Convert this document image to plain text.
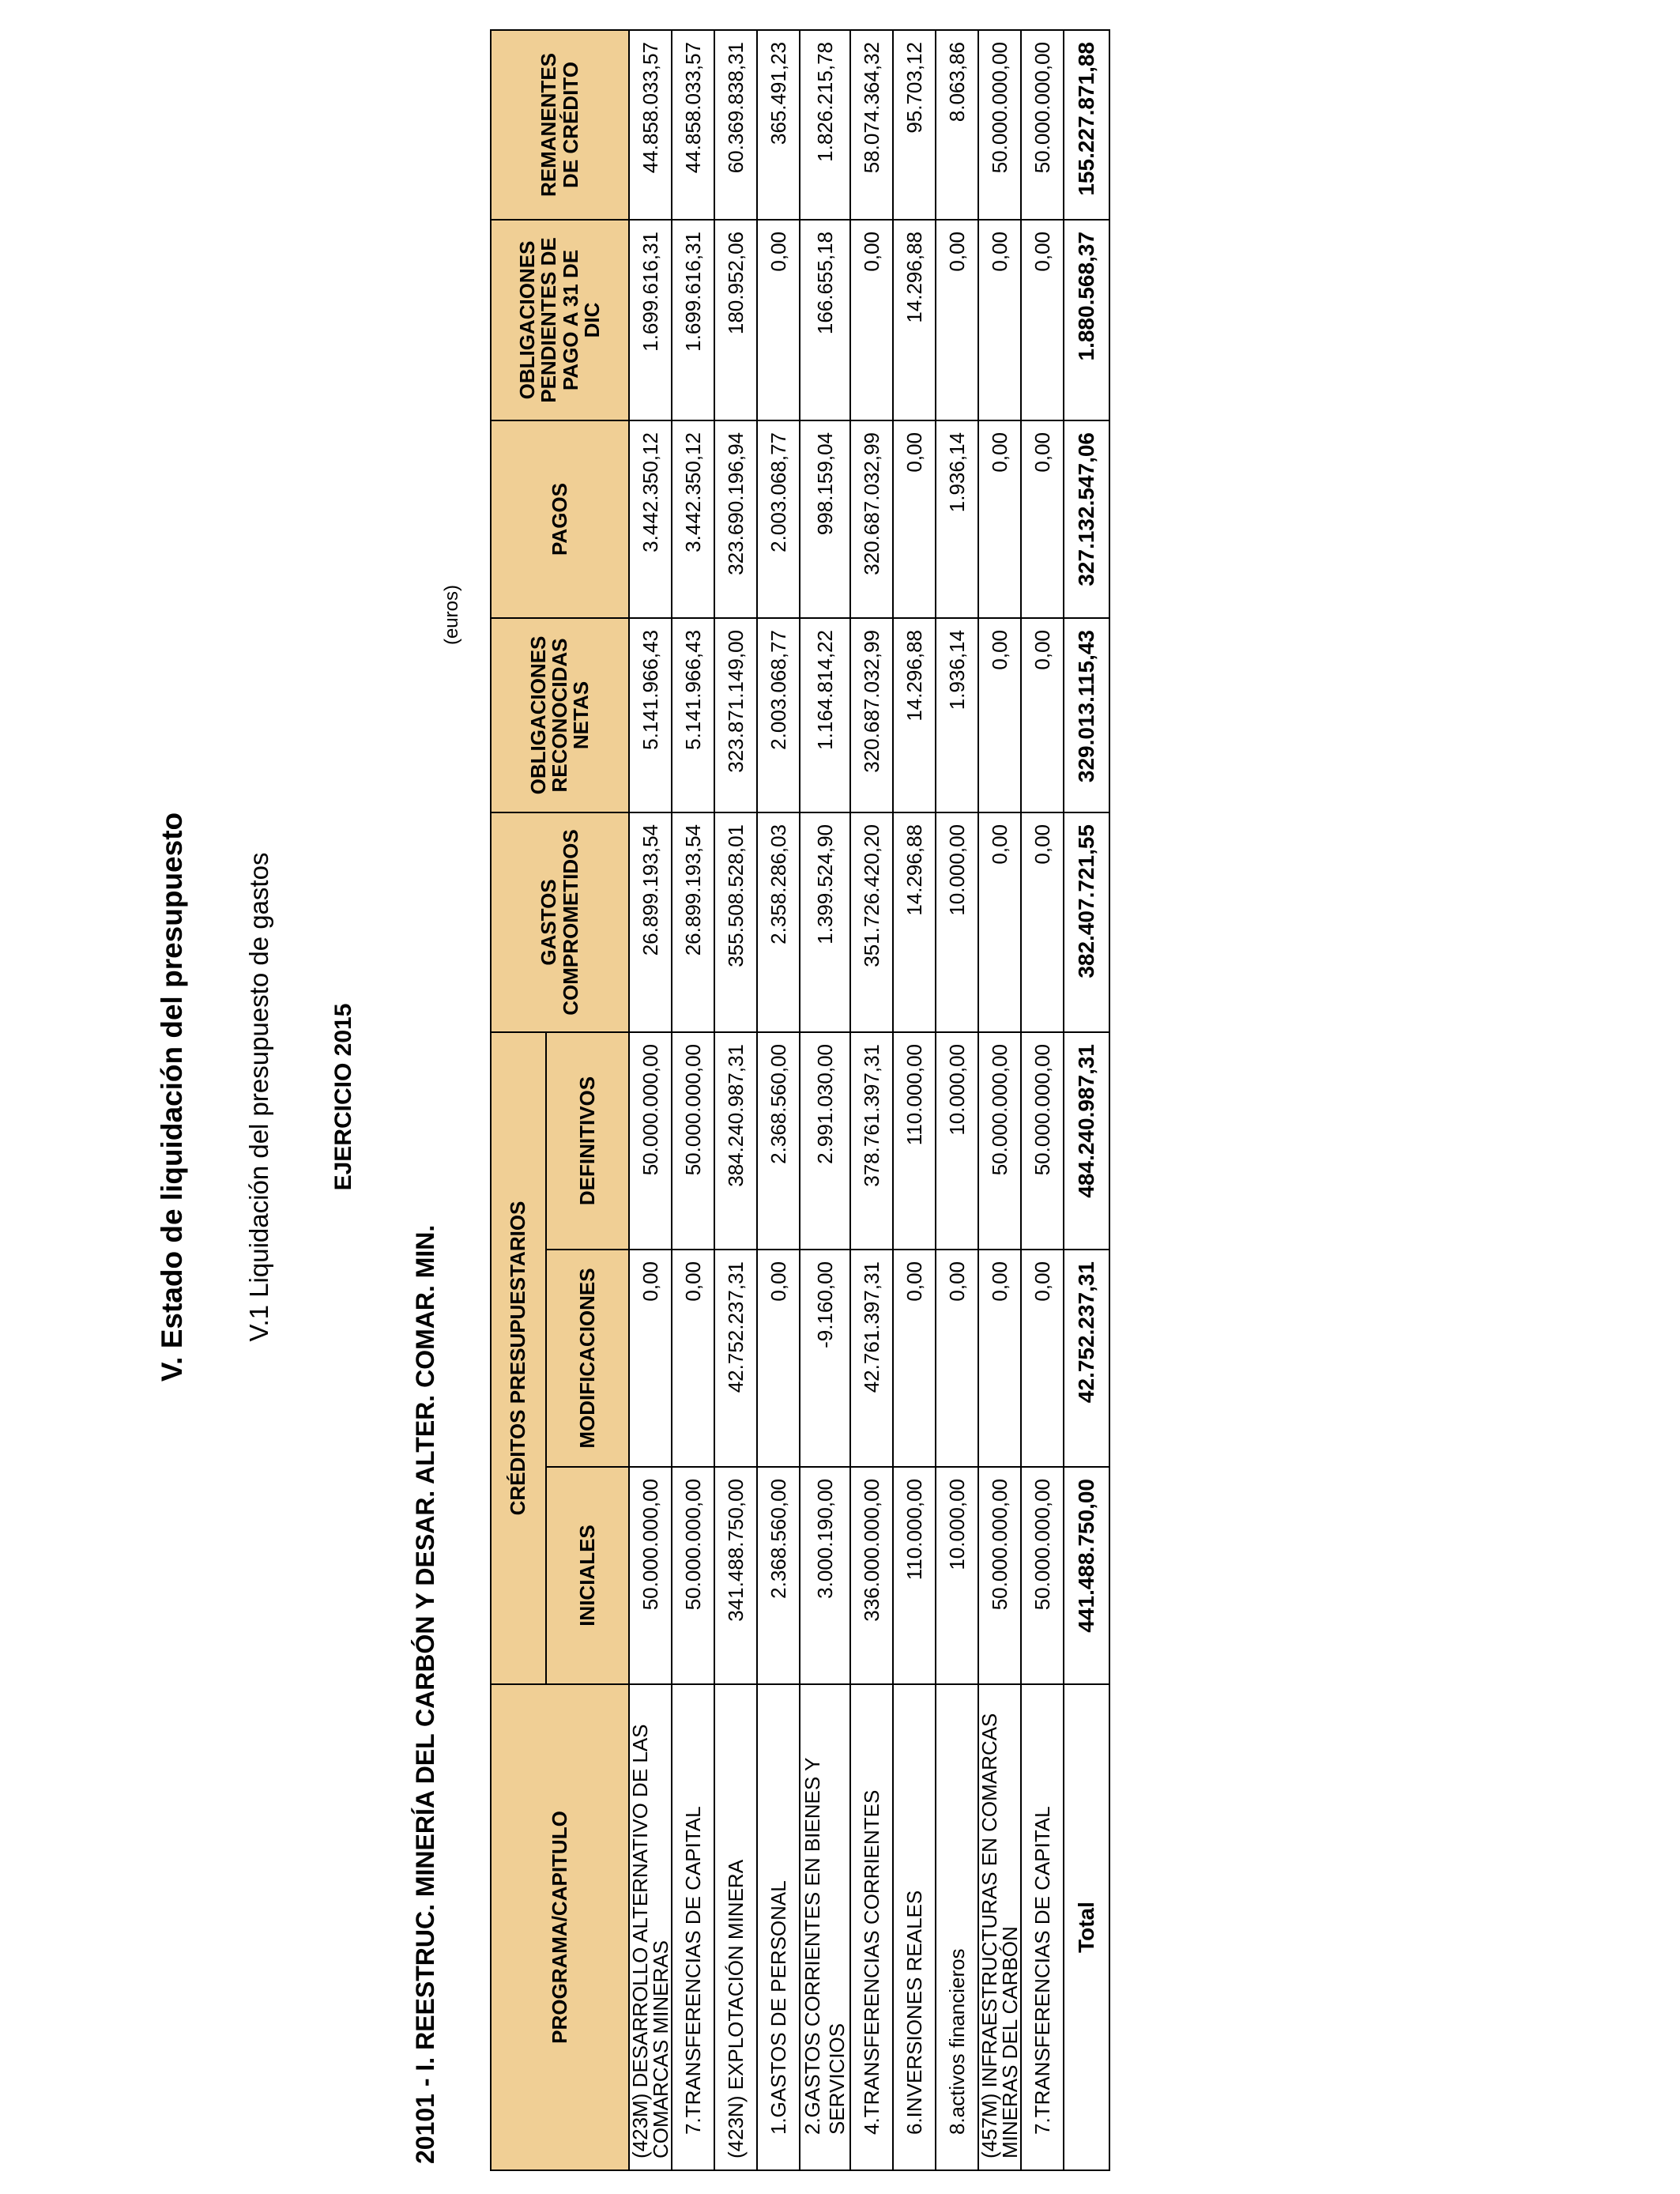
V. Estado de liquidación del presupuesto V.1 Liquidación del presupuesto de gastos EJERCICIO 2015
20101 - I. REESTRUC. MINERÍA DEL CARBÓN Y DESAR. ALTER. COMAR. MIN.
(euros)
PROGRAMA/CAPITULO	CRÉDITOS PRESUPUESTARIOS			GASTOS COMPROMETIDOS	OBLIGACIONES RECONOCIDAS NETAS	PAGOS	OBLIGACIONES PENDIENTES DE PAGO A 31 DE DIC	REMANENTES DE CRÉDITO
	INICIALES	MODIFICACIONES	DEFINITIVOS					
(423M) DESARROLLO ALTERNATIVO DE LAS COMARCAS MINERAS	50.000.000,00	0,00	50.000.000,00	26.899.193,54	5.141.966,43	3.442.350,12	1.699.616,31	44.858.033,57
7.TRANSFERENCIAS DE CAPITAL	50.000.000,00	0,00	50.000.000,00	26.899.193,54	5.141.966,43	3.442.350,12	1.699.616,31	44.858.033,57
(423N) EXPLOTACIÓN MINERA	341.488.750,00	42.752.237,31	384.240.987,31	355.508.528,01	323.871.149,00	323.690.196,94	180.952,06	60.369.838,31
1.GASTOS DE PERSONAL	2.368.560,00	0,00	2.368.560,00	2.358.286,03	2.003.068,77	2.003.068,77	0,00	365.491,23
2.GASTOS CORRIENTES EN BIENES Y SERVICIOS	3.000.190,00	-9.160,00	2.991.030,00	1.399.524,90	1.164.814,22	998.159,04	166.655,18	1.826.215,78
4.TRANSFERENCIAS CORRIENTES	336.000.000,00	42.761.397,31	378.761.397,31	351.726.420,20	320.687.032,99	320.687.032,99	0,00	58.074.364,32
6.INVERSIONES REALES	110.000,00	0,00	110.000,00	14.296,88	14.296,88	0,00	14.296,88	95.703,12
8.activos financieros	10.000,00	0,00	10.000,00	10.000,00	1.936,14	1.936,14	0,00	8.063,86
(457M) INFRAESTRUCTURAS EN COMARCAS MINERAS DEL CARBÓN	50.000.000,00	0,00	50.000.000,00	0,00	0,00	0,00	0,00	50.000.000,00
7.TRANSFERENCIAS DE CAPITAL	50.000.000,00	0,00	50.000.000,00	0,00	0,00	0,00	0,00	50.000.000,00
Total	441.488.750,00	42.752.237,31	484.240.987,31	382.407.721,55	329.013.115,43	327.132.547,06	1.880.568,37	155.227.871,88
